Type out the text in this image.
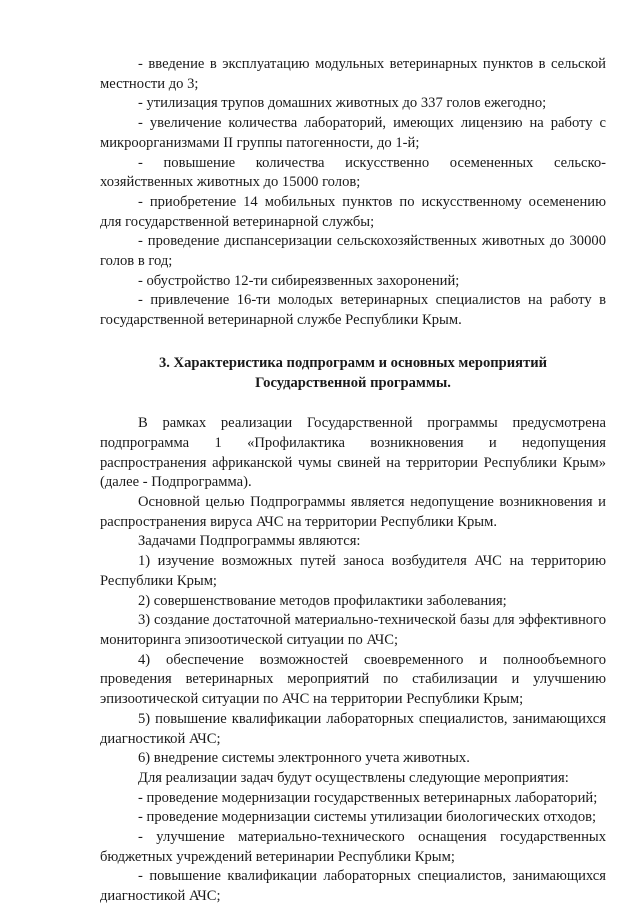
- введение в эксплуатацию модульных ветеринарных пунктов в сельской местности до 3;

- утилизация трупов домашних животных до 337 голов ежегодно;

- увеличение количества лабораторий, имеющих лицензию на работу с микроорганизмами II группы патогенности, до 1-й;

- повышение количества искусственно осемененных сельско-хозяйственных животных до 15000 голов;

- приобретение 14 мобильных пунктов по искусственному осеменению для государственной ветеринарной службы;

- проведение диспансеризации сельскохозяйственных животных до 30000 голов в год;

- обустройство 12-ти сибиреязвенных захоронений;

- привлечение 16-ти молодых ветеринарных специалистов на работу в государственной ветеринарной службе Республики Крым.

3. Характеристика подпрограмм и основных мероприятий
Государственной программы.

В рамках реализации Государственной программы предусмотрена подпрограмма 1 «Профилактика возникновения и недопущения распространения африканской чумы свиней на территории Республики Крым» (далее - Подпрограмма).

Основной целью Подпрограммы является недопущение возникновения и распространения вируса АЧС на территории Республики Крым.

Задачами Подпрограммы являются:

1) изучение возможных путей заноса возбудителя АЧС на территорию Республики Крым;

2) совершенствование методов профилактики заболевания;

3) создание достаточной материально-технической базы для эффективного мониторинга эпизоотической ситуации по АЧС;

4) обеспечение возможностей своевременного и полнообъемного проведения ветеринарных мероприятий по стабилизации и улучшению эпизоотической ситуации по АЧС на территории Республики Крым;

5) повышение квалификации лабораторных специалистов, занимающихся диагностикой АЧС;

6) внедрение системы электронного учета животных.

Для реализации задач будут осуществлены следующие мероприятия:

- проведение модернизации государственных ветеринарных лабораторий;

- проведение модернизации системы утилизации биологических отходов;

- улучшение материально-технического оснащения государственных бюджетных учреждений ветеринарии Республики Крым;

- повышение квалификации лабораторных специалистов, занимающихся диагностикой АЧС;
